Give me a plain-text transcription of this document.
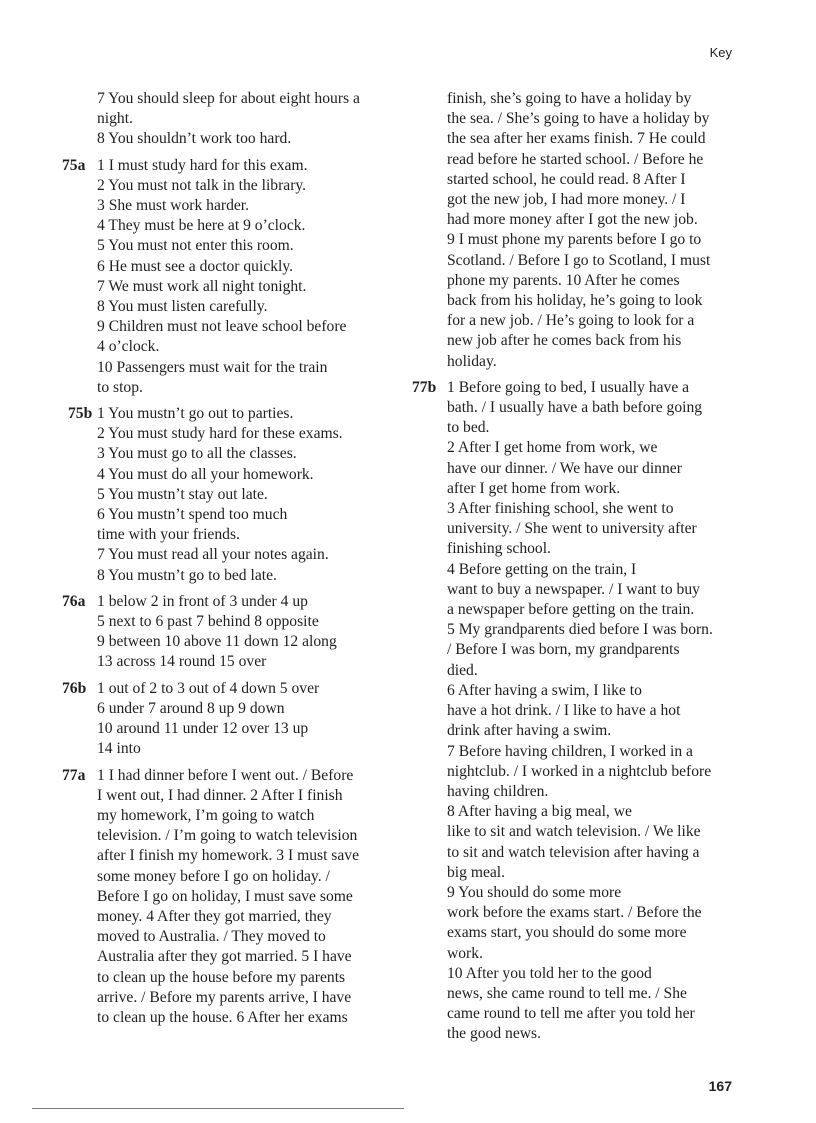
Key
7 You should sleep for about eight hours a
night.
8 You shouldn’t work too hard.
75a 1 I must study hard for this exam.
2 You must not talk in the library.
3 She must work harder.
4 They must be here at 9 o’clock.
5 You must not enter this room.
6 He must see a doctor quickly.
7 We must work all night tonight.
8 You must listen carefully.
9 Children must not leave school before
4 o’clock.
10 Passengers must wait for the train
to stop.
75b 1 You mustn’t go out to parties.
2 You must study hard for these exams.
3 You must go to all the classes.
4 You must do all your homework.
5 You mustn’t stay out late.
6 You mustn’t spend too much
time with your friends.
7 You must read all your notes again.
8 You mustn’t go to bed late.
76a 1 below 2 in front of 3 under 4 up
5 next to 6 past 7 behind 8 opposite
9 between 10 above 11 down 12 along
13 across 14 round 15 over
76b 1 out of 2 to 3 out of 4 down 5 over
6 under 7 around 8 up 9 down
10 around 11 under 12 over 13 up
14 into
77a 1 I had dinner before I went out. / Before
I went out, I had dinner. 2 After I finish
my homework, I’m going to watch
television. / I’m going to watch television
after I finish my homework. 3 I must save
some money before I go on holiday. /
Before I go on holiday, I must save some
money. 4 After they got married, they
moved to Australia. / They moved to
Australia after they got married. 5 I have
to clean up the house before my parents
arrive. / Before my parents arrive, I have
to clean up the house. 6 After her exams
finish, she’s going to have a holiday by
the sea. / She’s going to have a holiday by
the sea after her exams finish. 7 He could
read before he started school. / Before he
started school, he could read. 8 After I
got the new job, I had more money. / I
had more money after I got the new job.
9 I must phone my parents before I go to
Scotland. / Before I go to Scotland, I must
phone my parents. 10 After he comes
back from his holiday, he’s going to look
for a new job. / He’s going to look for a
new job after he comes back from his
holiday.
77b 1 Before going to bed, I usually have a
bath. / I usually have a bath before going
to bed.
2 After I get home from work, we
have our dinner. / We have our dinner
after I get home from work.
3 After finishing school, she went to
university. / She went to university after
finishing school.
4 Before getting on the train, I
want to buy a newspaper. / I want to buy
a newspaper before getting on the train.
5 My grandparents died before I was born.
/ Before I was born, my grandparents
died.
6 After having a swim, I like to
have a hot drink. / I like to have a hot
drink after having a swim.
7 Before having children, I worked in a
nightclub. / I worked in a nightclub before
having children.
8 After having a big meal, we
like to sit and watch television. / We like
to sit and watch television after having a
big meal.
9 You should do some more
work before the exams start. / Before the
exams start, you should do some more
work.
10 After you told her to the good
news, she came round to tell me. / She
came round to tell me after you told her
the good news.
167
